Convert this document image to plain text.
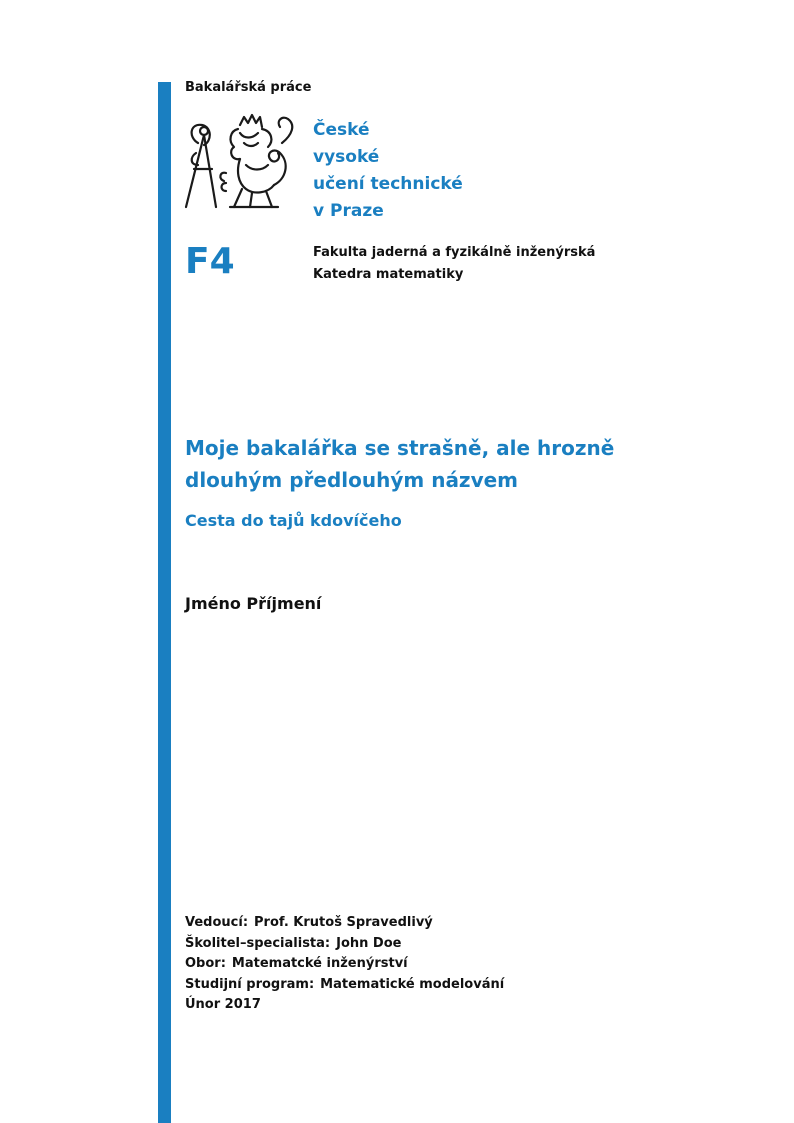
Bakalářská práce
České
vysoké
učení technické
v Praze
F4	Fakulta jaderná a fyzikálně inženýrská
Katedra matematiky
Moje bakalářka se strašně, ale hrozně
dlouhým předlouhým názvem
Cesta do tajů kdovíčeho
Jméno Příjmení
Vedoucí: Prof. Krutoš Spravedlivý
Školitel–specialista: John Doe
Obor: Matematcké inženýrství
Studijní program: Matematické modelování
Únor 2017
